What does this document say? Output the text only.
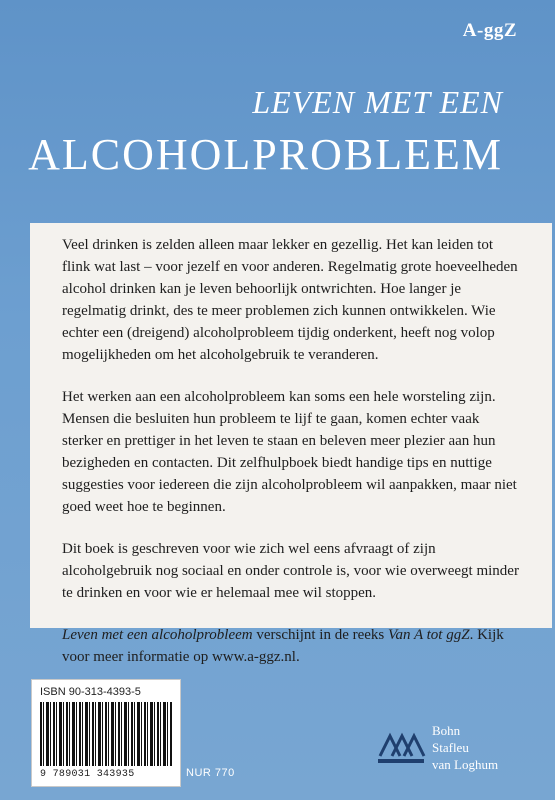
A-ggZ
LEVEN MET EEN
ALCOHOLPROBLEEM

Veel drinken is zelden alleen maar lekker en gezellig. Het kan leiden tot flink wat last – voor jezelf en voor anderen. Regelmatig grote hoeveelheden alcohol drinken kan je leven behoorlijk ontwrichten. Hoe langer je regelmatig drinkt, des te meer problemen zich kunnen ontwikkelen. Wie echter een (dreigend) alcoholprobleem tijdig onderkent, heeft nog volop mogelijkheden om het alcoholgebruik te veranderen.

Het werken aan een alcoholprobleem kan soms een hele worsteling zijn. Mensen die besluiten hun probleem te lijf te gaan, komen echter vaak sterker en prettiger in het leven te staan en beleven meer plezier aan hun bezigheden en contacten. Dit zelfhulpboek biedt handige tips en nuttige suggesties voor iedereen die zijn alcoholprobleem wil aanpakken, maar niet goed weet hoe te beginnen.

Dit boek is geschreven voor wie zich wel eens afvraagt of zijn alcoholgebruik nog sociaal en onder controle is, voor wie overweegt minder te drinken en voor wie er helemaal mee wil stoppen.

Leven met een alcoholprobleem verschijnt in de reeks Van A tot ggZ. Kijk voor meer informatie op www.a-ggz.nl.

ISBN 90-313-4393-5
9 789031 343935	NUR 770
Bohn
Stafleu
van Loghum
